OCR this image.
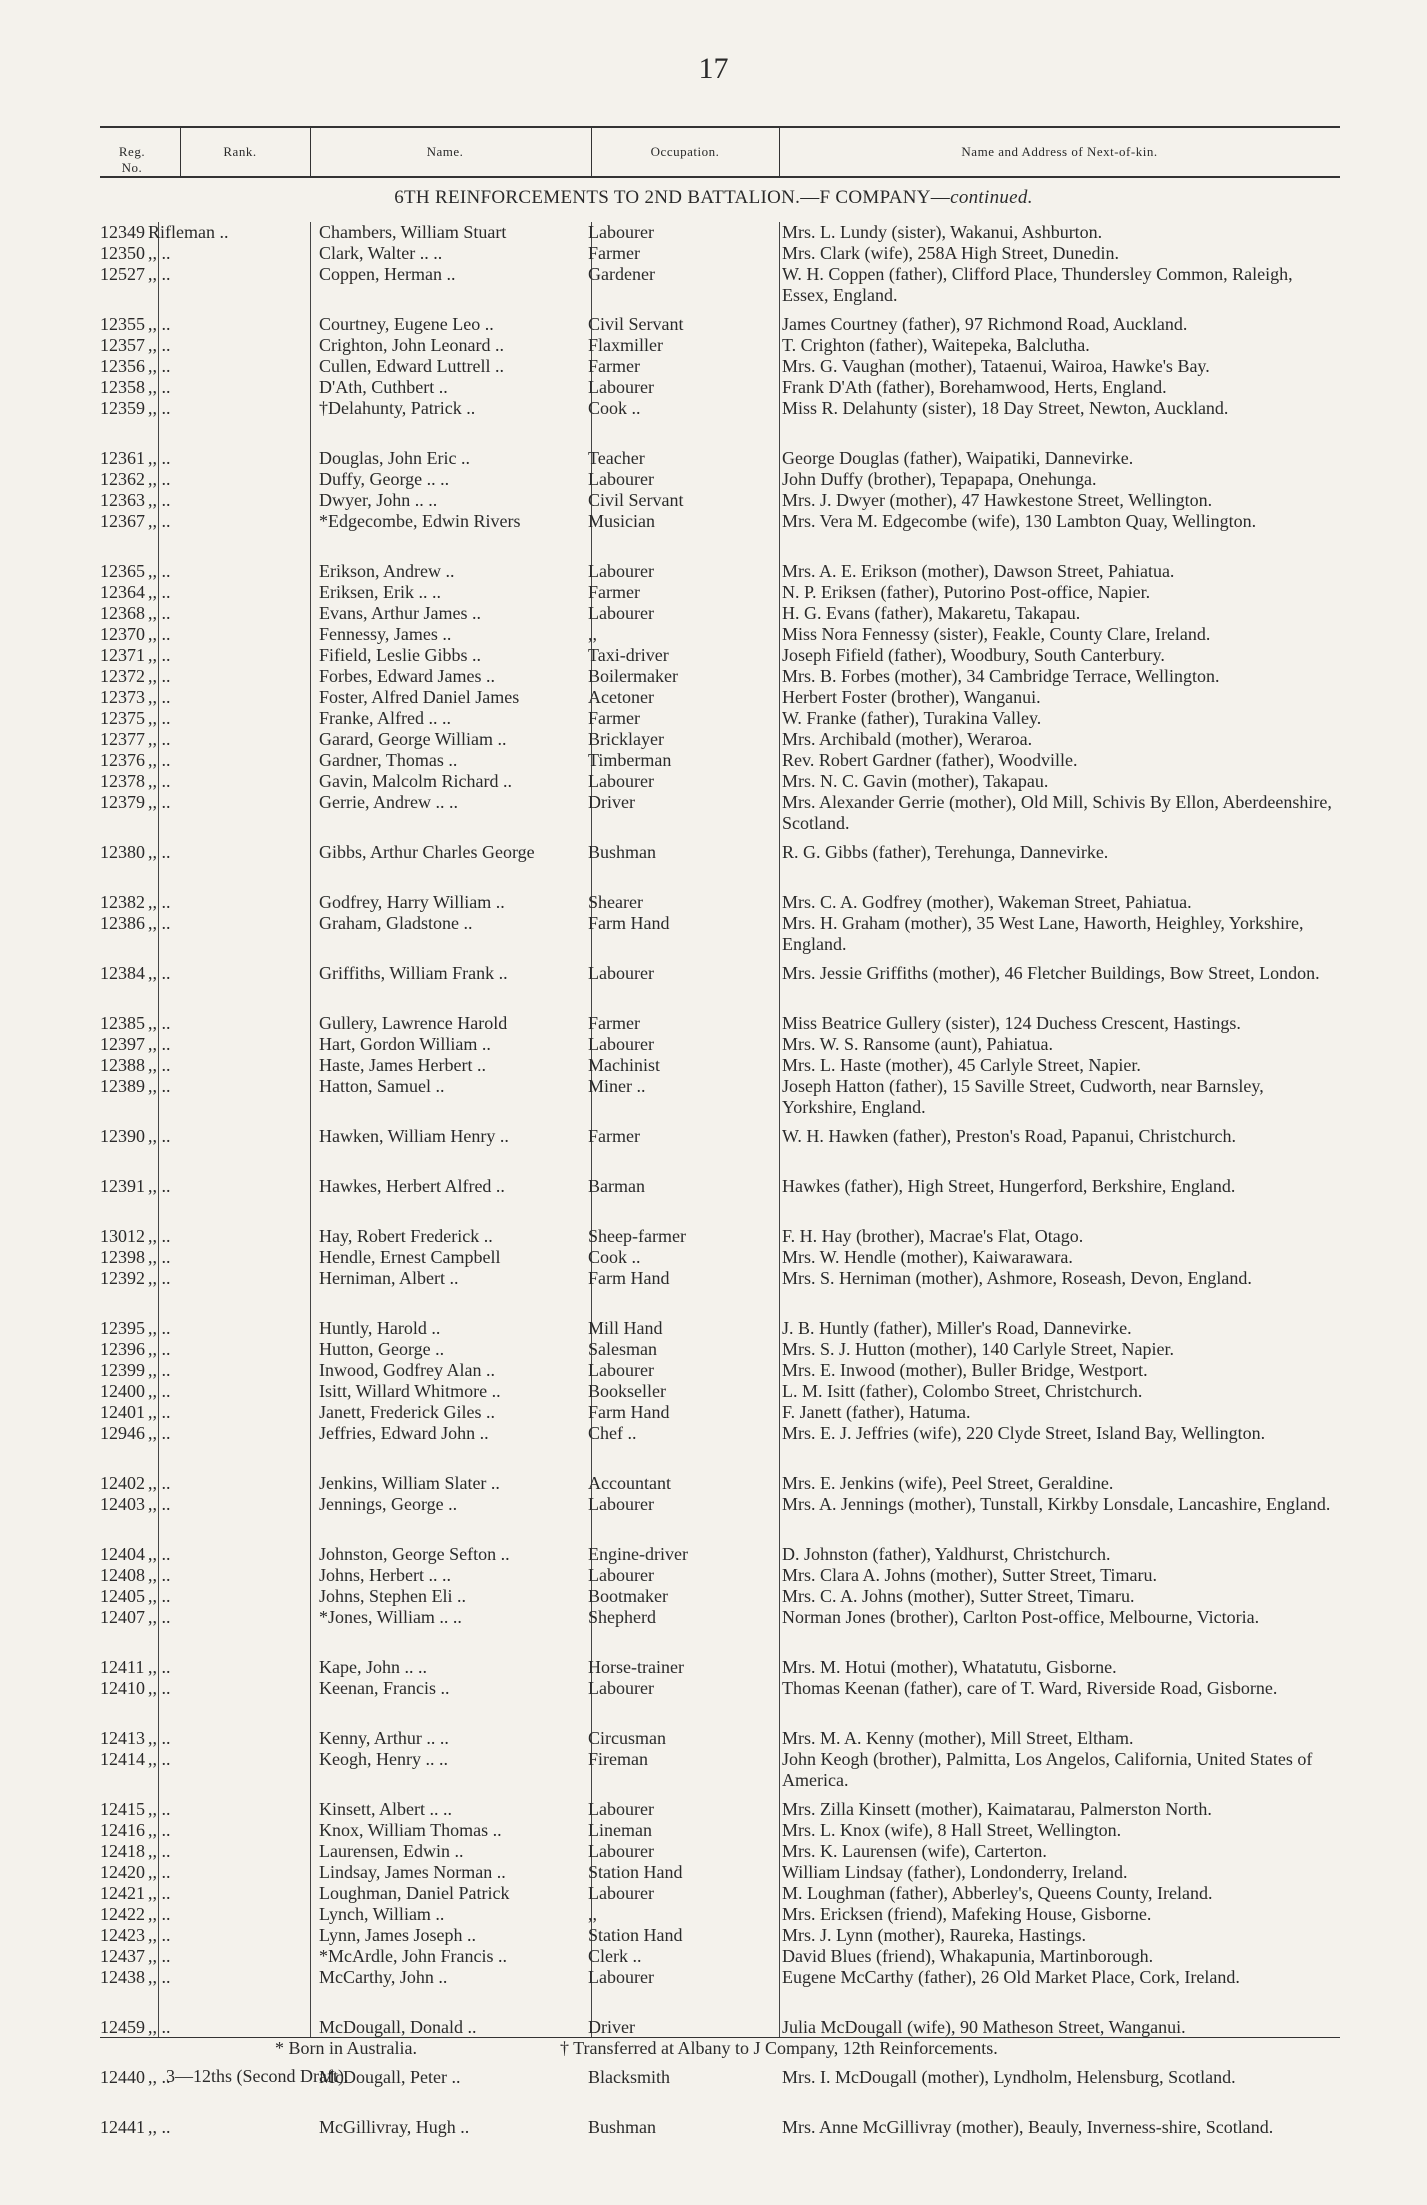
17
Reg. No.
Rank.	Name.	Occupation.	Name and Address of Next-of-kin.
6TH REINFORCEMENTS TO 2ND BATTALION.—F COMPANY—continued.
12349 Rifleman ..	Chambers, William Stuart	Labourer	Mrs. L. Lundy (sister), Wakanui, Ashburton.
12350 ,, ..	Clark, Walter .. ..	Farmer	Mrs. Clark (wife), 258A High Street, Dunedin.
12527 ,, ..	Coppen, Herman ..	Gardener	W. H. Coppen (father), Clifford Place, Thundersley Common, Raleigh, Essex, England.
12355 ,, ..	Courtney, Eugene Leo ..	Civil Servant	James Courtney (father), 97 Richmond Road, Auckland.
12357 ,, ..	Crighton, John Leonard ..	Flaxmiller	T. Crighton (father), Waitepeka, Balclutha.
12356 ,, ..	Cullen, Edward Luttrell ..	Farmer	Mrs. G. Vaughan (mother), Tataenui, Wairoa, Hawke's Bay.
12358 ,, ..	D'Ath, Cuthbert ..	Labourer	Frank D'Ath (father), Borehamwood, Herts, England.
12359 ,, ..	†Delahunty, Patrick ..	Cook ..	Miss R. Delahunty (sister), 18 Day Street, Newton, Auckland.
12361 ,, ..	Douglas, John Eric ..	Teacher	George Douglas (father), Waipatiki, Dannevirke.
12362 ,, ..	Duffy, George .. ..	Labourer	John Duffy (brother), Tepapapa, Onehunga.
12363 ,, ..	Dwyer, John .. ..	Civil Servant	Mrs. J. Dwyer (mother), 47 Hawkestone Street, Wellington.
12367 ,, ..	*Edgecombe, Edwin Rivers	Musician	Mrs. Vera M. Edgecombe (wife), 130 Lambton Quay, Wellington.
12365 ,, ..	Erikson, Andrew ..	Labourer	Mrs. A. E. Erikson (mother), Dawson Street, Pahiatua.
12364 ,, ..	Eriksen, Erik .. ..	Farmer	N. P. Eriksen (father), Putorino Post-office, Napier.
12368 ,, ..	Evans, Arthur James ..	Labourer	H. G. Evans (father), Makaretu, Takapau.
12370 ,, ..	Fennessy, James ..	,,	Miss Nora Fennessy (sister), Feakle, County Clare, Ireland.
12371 ,, ..	Fifield, Leslie Gibbs ..	Taxi-driver	Joseph Fifield (father), Woodbury, South Canterbury.
12372 ,, ..	Forbes, Edward James ..	Boilermaker	Mrs. B. Forbes (mother), 34 Cambridge Terrace, Wellington.
12373 ,, ..	Foster, Alfred Daniel James	Acetoner	Herbert Foster (brother), Wanganui.
12375 ,, ..	Franke, Alfred .. ..	Farmer	W. Franke (father), Turakina Valley.
12377 ,, ..	Garard, George William ..	Bricklayer	Mrs. Archibald (mother), Weraroa.
12376 ,, ..	Gardner, Thomas ..	Timberman	Rev. Robert Gardner (father), Woodville.
12378 ,, ..	Gavin, Malcolm Richard ..	Labourer	Mrs. N. C. Gavin (mother), Takapau.
12379 ,, ..	Gerrie, Andrew .. ..	Driver	Mrs. Alexander Gerrie (mother), Old Mill, Schivis By Ellon, Aberdeenshire, Scotland.
12380 ,, ..	Gibbs, Arthur Charles George	Bushman	R. G. Gibbs (father), Terehunga, Dannevirke.
12382 ,, ..	Godfrey, Harry William ..	Shearer	Mrs. C. A. Godfrey (mother), Wakeman Street, Pahiatua.
12386 ,, ..	Graham, Gladstone ..	Farm Hand	Mrs. H. Graham (mother), 35 West Lane, Haworth, Heighley, Yorkshire, England.
12384 ,, ..	Griffiths, William Frank ..	Labourer	Mrs. Jessie Griffiths (mother), 46 Fletcher Buildings, Bow Street, London.
12385 ,, ..	Gullery, Lawrence Harold	Farmer	Miss Beatrice Gullery (sister), 124 Duchess Crescent, Hastings.
12397 ,, ..	Hart, Gordon William ..	Labourer	Mrs. W. S. Ransome (aunt), Pahiatua.
12388 ,, ..	Haste, James Herbert ..	Machinist	Mrs. L. Haste (mother), 45 Carlyle Street, Napier.
12389 ,, ..	Hatton, Samuel ..	Miner ..	Joseph Hatton (father), 15 Saville Street, Cudworth, near Barnsley, Yorkshire, England.
12390 ,, ..	Hawken, William Henry ..	Farmer	W. H. Hawken (father), Preston's Road, Papanui, Christchurch.
12391 ,, ..	Hawkes, Herbert Alfred ..	Barman	Hawkes (father), High Street, Hungerford, Berkshire, England.
13012 ,, ..	Hay, Robert Frederick ..	Sheep-farmer	F. H. Hay (brother), Macrae's Flat, Otago.
12398 ,, ..	Hendle, Ernest Campbell	Cook ..	Mrs. W. Hendle (mother), Kaiwarawara.
12392 ,, ..	Herniman, Albert ..	Farm Hand	Mrs. S. Herniman (mother), Ashmore, Roseash, Devon, England.
12395 ,, ..	Huntly, Harold ..	Mill Hand	J. B. Huntly (father), Miller's Road, Dannevirke.
12396 ,, ..	Hutton, George ..	Salesman	Mrs. S. J. Hutton (mother), 140 Carlyle Street, Napier.
12399 ,, ..	Inwood, Godfrey Alan ..	Labourer	Mrs. E. Inwood (mother), Buller Bridge, Westport.
12400 ,, ..	Isitt, Willard Whitmore ..	Bookseller	L. M. Isitt (father), Colombo Street, Christchurch.
12401 ,, ..	Janett, Frederick Giles ..	Farm Hand	F. Janett (father), Hatuma.
12946 ,, ..	Jeffries, Edward John ..	Chef ..	Mrs. E. J. Jeffries (wife), 220 Clyde Street, Island Bay, Wellington.
12402 ,, ..	Jenkins, William Slater ..	Accountant	Mrs. E. Jenkins (wife), Peel Street, Geraldine.
12403 ,, ..	Jennings, George ..	Labourer	Mrs. A. Jennings (mother), Tunstall, Kirkby Lonsdale, Lancashire, England.
12404 ,, ..	Johnston, George Sefton ..	Engine-driver	D. Johnston (father), Yaldhurst, Christchurch.
12408 ,, ..	Johns, Herbert .. ..	Labourer	Mrs. Clara A. Johns (mother), Sutter Street, Timaru.
12405 ,, ..	Johns, Stephen Eli ..	Bootmaker	Mrs. C. A. Johns (mother), Sutter Street, Timaru.
12407 ,, ..	*Jones, William .. ..	Shepherd	Norman Jones (brother), Carlton Post-office, Melbourne, Victoria.
12411 ,, ..	Kape, John .. ..	Horse-trainer	Mrs. M. Hotui (mother), Whatatutu, Gisborne.
12410 ,, ..	Keenan, Francis ..	Labourer	Thomas Keenan (father), care of T. Ward, Riverside Road, Gisborne.
12413 ,, ..	Kenny, Arthur .. ..	Circusman	Mrs. M. A. Kenny (mother), Mill Street, Eltham.
12414 ,, ..	Keogh, Henry .. ..	Fireman	John Keogh (brother), Palmitta, Los Angelos, California, United States of America.
12415 ,, ..	Kinsett, Albert .. ..	Labourer	Mrs. Zilla Kinsett (mother), Kaimatarau, Palmerston North.
12416 ,, ..	Knox, William Thomas ..	Lineman	Mrs. L. Knox (wife), 8 Hall Street, Wellington.
12418 ,, ..	Laurensen, Edwin ..	Labourer	Mrs. K. Laurensen (wife), Carterton.
12420 ,, ..	Lindsay, James Norman ..	Station Hand	William Lindsay (father), Londonderry, Ireland.
12421 ,, ..	Loughman, Daniel Patrick	Labourer	M. Loughman (father), Abberley's, Queens County, Ireland.
12422 ,, ..	Lynch, William ..	,,	Mrs. Ericksen (friend), Mafeking House, Gisborne.
12423 ,, ..	Lynn, James Joseph ..	Station Hand	Mrs. J. Lynn (mother), Raureka, Hastings.
12437 ,, ..	*McArdle, John Francis ..	Clerk ..	David Blues (friend), Whakapunia, Martinborough.
12438 ,, ..	McCarthy, John ..	Labourer	Eugene McCarthy (father), 26 Old Market Place, Cork, Ireland.
12459 ,, ..	McDougall, Donald ..	Driver	Julia McDougall (wife), 90 Matheson Street, Wanganui.
12440 ,, ..	McDougall, Peter ..	Blacksmith	Mrs. I. McDougall (mother), Lyndholm, Helensburg, Scotland.
12441 ,, ..	McGillivray, Hugh ..	Bushman	Mrs. Anne McGillivray (mother), Beauly, Inverness-shire, Scotland.
* Born in Australia.	† Transferred at Albany to J Company, 12th Reinforcements.
3—12ths (Second Draft).
